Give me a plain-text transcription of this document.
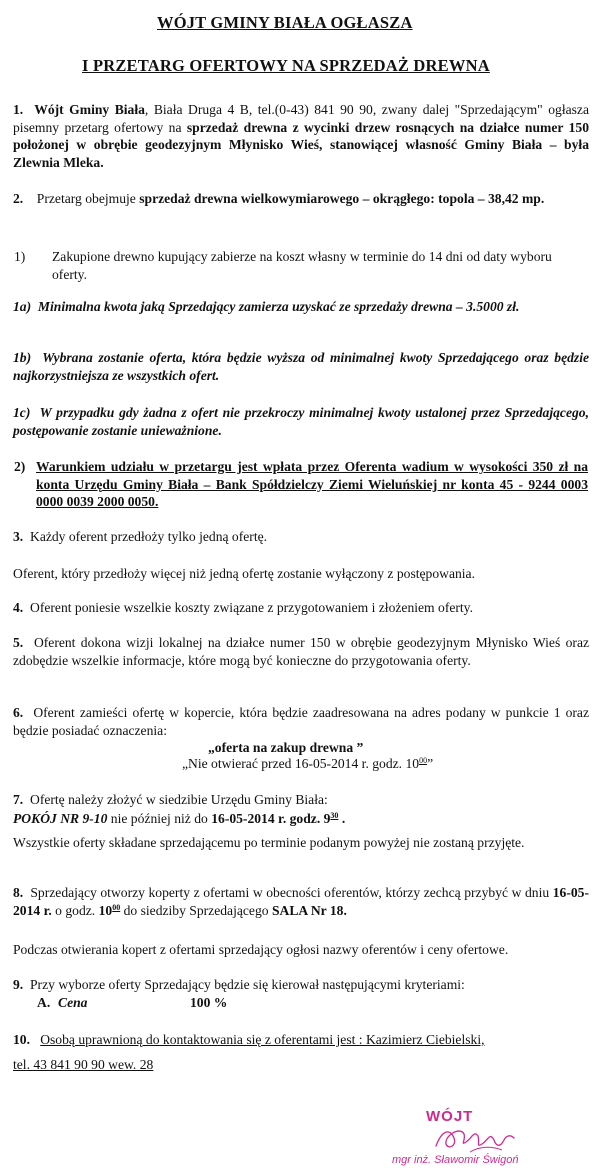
WÓJT GMINY BIAŁA OGŁASZA
I PRZETARG OFERTOWY NA SPRZEDAŻ DREWNA
1. Wójt Gminy Biała, Biała Druga 4 B, tel.(0-43) 841 90 90, zwany dalej "Sprzedającym" ogłasza pisemny przetarg ofertowy na sprzedaż drewna z wycinki drzew rosnących na działce numer 150 położonej w obrębie geodezyjnym Młynisko Wieś, stanowiącej własność Gminy Biała – była Zlewnia Mleka.
2. Przetarg obejmuje sprzedaż drewna wielkowymiarowego – okrągłego: topola – 38,42 mp.
1) Zakupione drewno kupujący zabierze na koszt własny w terminie do 14 dni od daty wyboru oferty.
1a) Minimalna kwota jaką Sprzedający zamierza uzyskać ze sprzedaży drewna – 3.5000 zł.
1b) Wybrana zostanie oferta, która będzie wyższa od minimalnej kwoty Sprzedającego oraz będzie najkorzystniejsza ze wszystkich ofert.
1c) W przypadku gdy żadna z ofert nie przekroczy minimalnej kwoty ustalonej przez Sprzedającego, postępowanie zostanie unieważnione.
2) Warunkiem udziału w przetargu jest wpłata przez Oferenta wadium w wysokości 350 zł na konta Urzędu Gminy Biała – Bank Spółdzielczy Ziemi Wieluńskiej nr konta 45 - 9244 0003 0000 0039 2000 0050.
3. Każdy oferent przedłoży tylko jedną ofertę.
Oferent, który przedłoży więcej niż jedną ofertę zostanie wyłączony z postępowania.
4. Oferent poniesie wszelkie koszty związane z przygotowaniem i złożeniem oferty.
5. Oferent dokona wizji lokalnej na działce numer 150 w obrębie geodezyjnym Młynisko Wieś oraz zdobędzie wszelkie informacje, które mogą być konieczne do przygotowania oferty.
6. Oferent zamieści ofertę w kopercie, która będzie zaadresowana na adres podany w punkcie 1 oraz będzie posiadać oznaczenia:
„oferta na zakup drewna ”
„Nie otwierać przed 16-05-2014 r. godz. $10^{00}$”
7. Ofertę należy złożyć w siedzibie Urzędu Gminy Biała:
POKÓJ NR 9-10 nie później niż do 16-05-2014 r. godz. $9^{30}$ .
Wszystkie oferty składane sprzedającemu po terminie podanym powyżej nie zostaną przyjęte.
8. Sprzedający otworzy koperty z ofertami w obecności oferentów, którzy zechcą przybyć w dniu 16-05-2014 r. o godz. $10^{00}$ do siedziby Sprzedającego SALA Nr 18.
Podczas otwierania kopert z ofertami sprzedający ogłosi nazwy oferentów i ceny ofertowe.
9. Przy wyborze oferty Sprzedający będzie się kierował następującymi kryteriami:
A. Cena	100 %
10. Osobą uprawnioną do kontaktowania się z oferentami jest : Kazimierz Ciebielski,
tel. 43 841 90 90 wew. 28
WÓJT
mgr inż. Sławomir Świgoń
